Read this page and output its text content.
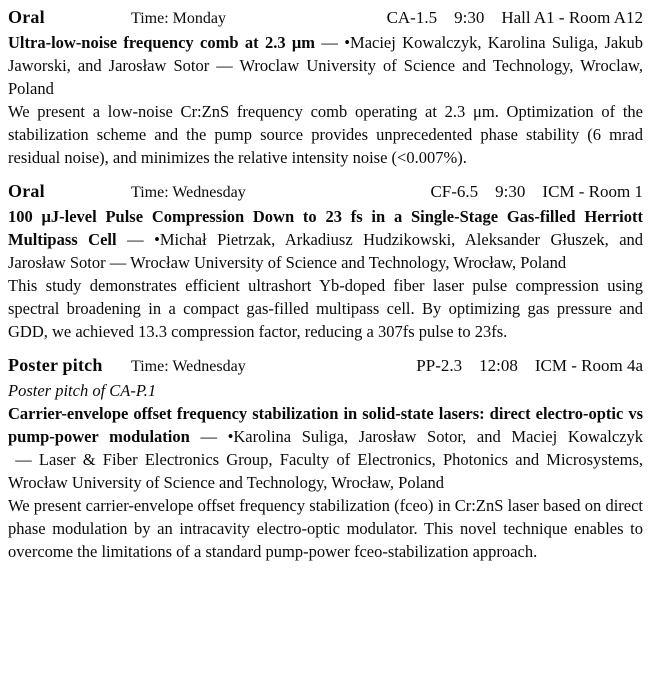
Oral	Time: Monday	CA-1.5 9:30 Hall A1 - Room A12

Ultra-low-noise frequency comb at 2.3 μm — •Maciej Kowalczyk, Karolina Suliga, Jakub Jaworski, and Jarosław Sotor — Wroclaw University of Science and Technology, Wroclaw, Poland

We present a low-noise Cr:ZnS frequency comb operating at 2.3 μm. Optimization of the stabilization scheme and the pump source provides unprecedented phase stability (6 mrad residual noise), and minimizes the relative intensity noise (<0.007%).

Oral	Time: Wednesday	CF-6.5 9:30 ICM - Room 1

100 μJ-level Pulse Compression Down to 23 fs in a Single-Stage Gas-filled Herriott Multipass Cell — •Michał Pietrzak, Arkadiusz Hudzikowski, Aleksander Głuszek, and Jarosław Sotor — Wrocław University of Science and Technology, Wrocław, Poland

This study demonstrates efficient ultrashort Yb-doped fiber laser pulse compression using spectral broadening in a compact gas-filled multipass cell. By optimizing gas pressure and GDD, we achieved 13.3 compression factor, reducing a 307fs pulse to 23fs.

Poster pitch	Time: Wednesday	PP-2.3 12:08 ICM - Room 4a

Poster pitch of CA-P.1

Carrier-envelope offset frequency stabilization in solid-state lasers: direct electro-optic vs pump-power modulation — •Karolina Suliga, Jarosław Sotor, and Maciej Kowalczyk — Laser & Fiber Electronics Group, Faculty of Electronics, Photonics and Microsystems, Wrocław University of Science and Technology, Wrocław, Poland

We present carrier-envelope offset frequency stabilization (fceo) in Cr:ZnS laser based on direct phase modulation by an intracavity electro-optic modulator. This novel technique enables to overcome the limitations of a standard pump-power fceo-stabilization approach.
